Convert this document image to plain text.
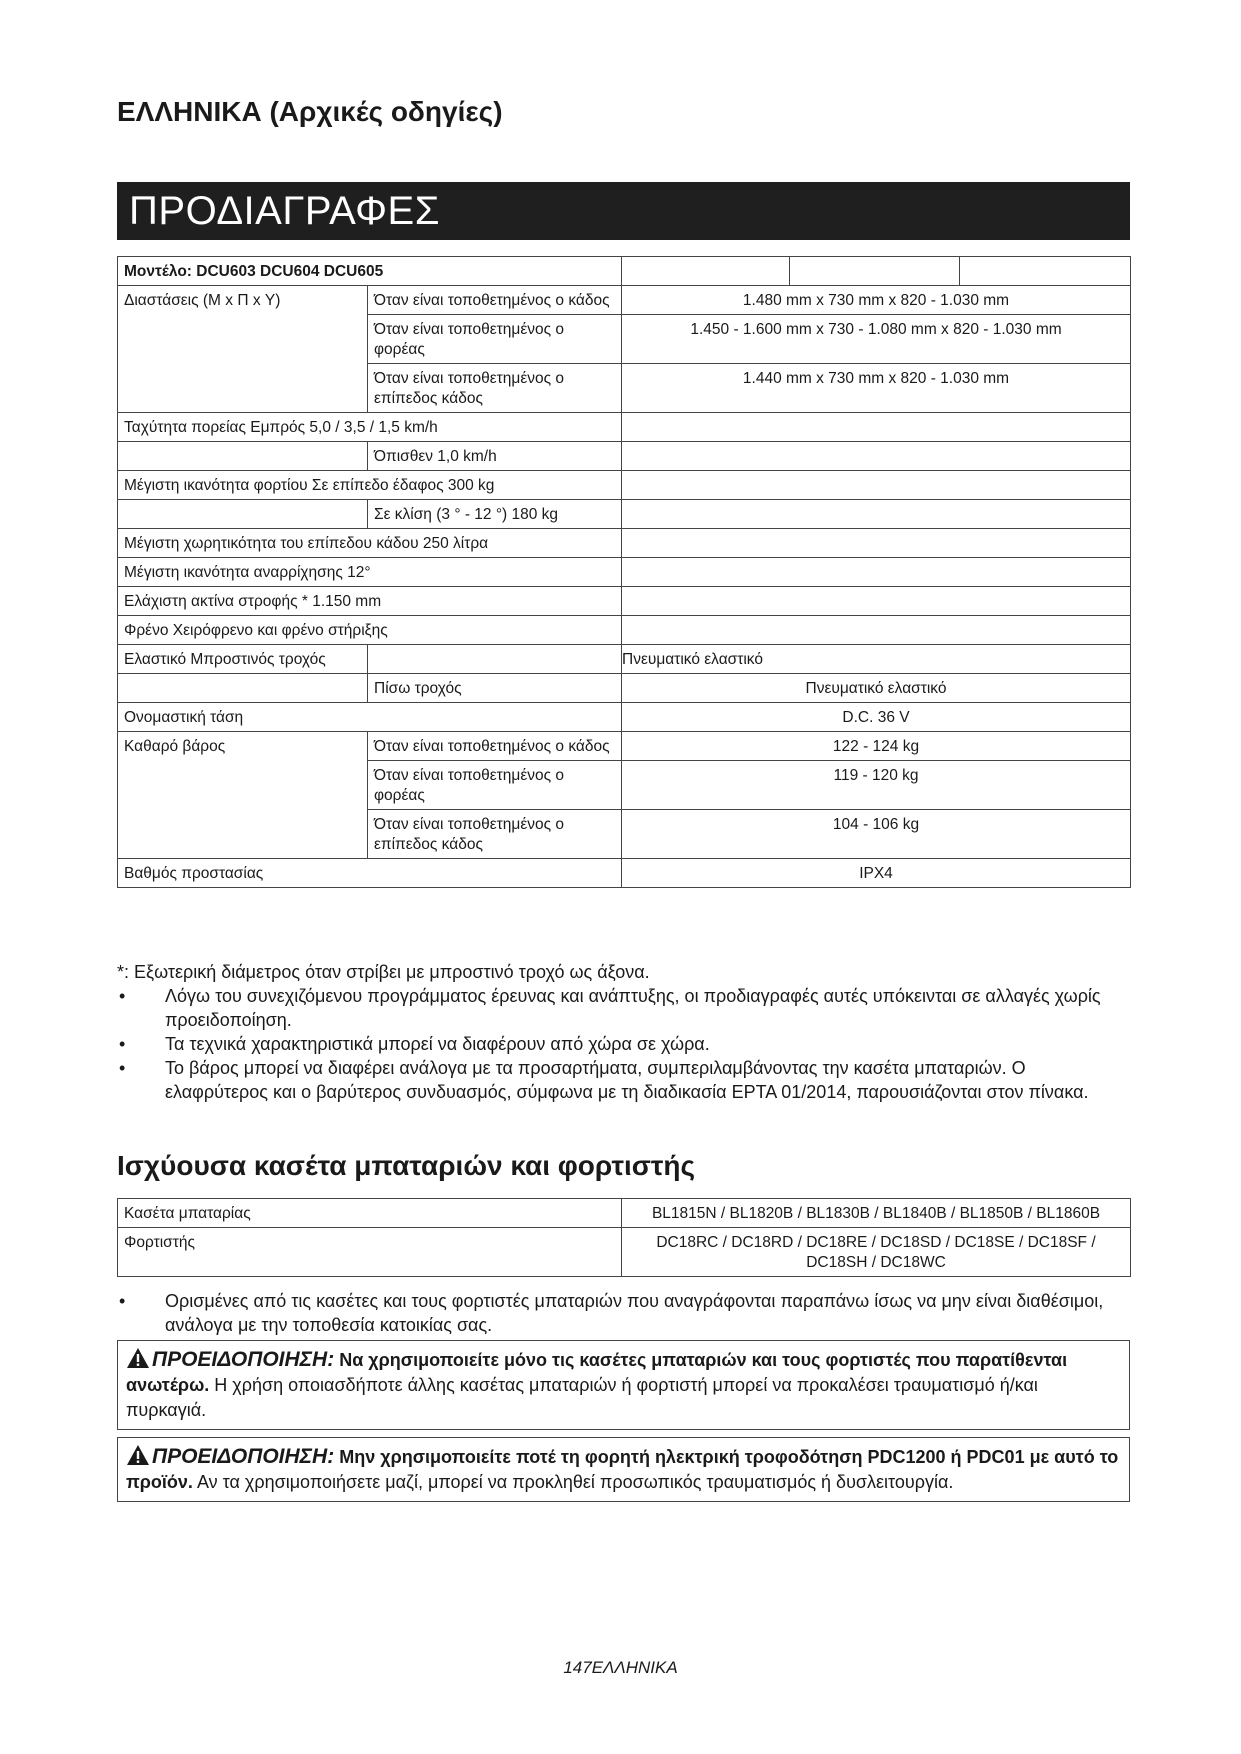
ΕΛΛΗΝΙΚΑ (Αρχικές οδηγίες)
ΠΡΟΔΙΑΓΡΑΦΕΣ
Μοντέλο: DCU603 DCU604 DCU605				
Διαστάσεις (Μ x Π x Υ)	Όταν είναι τοποθετημένος ο κάδος	1.480 mm x 730 mm x 820 - 1.030 mm		
	Όταν είναι τοποθετημένος ο φορέας	1.450 - 1.600 mm x 730 - 1.080 mm x 820 - 1.030 mm		
	Όταν είναι τοποθετημένος ο επίπεδος κάδος	1.440 mm x 730 mm x 820 - 1.030 mm		
Ταχύτητα πορείας Εμπρός 5,0 / 3,5 / 1,5 km/h				
	Όπισθεν 1,0 km/h			
Μέγιστη ικανότητα φορτίου Σε επίπεδο έδαφος 300 kg				
	Σε κλίση (3 ° - 12 °) 180 kg			
Μέγιστη χωρητικότητα του επίπεδου κάδου 250 λίτρα				
Μέγιστη ικανότητα αναρρίχησης 12°				
Ελάχιστη ακτίνα στροφής * 1.150 mm				
Φρένο Χειρόφρενο και φρένο στήριξης				
Ελαστικό Μπροστινός τροχός		Πνευματικό ελαστικό		
	Πίσω τροχός	Πνευματικό ελαστικό		
Ονομαστική τάση		D.C. 36 V		
Καθαρό βάρος	Όταν είναι τοποθετημένος ο κάδος	122 - 124 kg		
	Όταν είναι τοποθετημένος ο φορέας	119 - 120 kg		
	Όταν είναι τοποθετημένος ο επίπεδος κάδος	104 - 106 kg		
Βαθμός προστασίας		IPX4		
*: Εξωτερική διάμετρος όταν στρίβει με μπροστινό τροχό ως άξονα.
•	Λόγω του συνεχιζόμενου προγράμματος έρευνας και ανάπτυξης, οι προδιαγραφές αυτές υπόκεινται σε αλλαγές χωρίς προειδοποίηση.
•	Τα τεχνικά χαρακτηριστικά μπορεί να διαφέρουν από χώρα σε χώρα.
•	Το βάρος μπορεί να διαφέρει ανάλογα με τα προσαρτήματα, συμπεριλαμβάνοντας την κασέτα μπαταριών. Ο ελαφρύτερος και ο βαρύτερος συνδυασμός, σύμφωνα με τη διαδικασία EPTA 01/2014, παρουσιάζονται στον πίνακα.
Ισχύουσα κασέτα μπαταριών και φορτιστής
Κασέτα μπαταρίας	BL1815N / BL1820B / BL1830B / BL1840B / BL1850B / BL1860B
Φορτιστής	DC18RC / DC18RD / DC18RE / DC18SD / DC18SE / DC18SF / DC18SH / DC18WC
•	Ορισμένες από τις κασέτες και τους φορτιστές μπαταριών που αναγράφονται παραπάνω ίσως να μην είναι διαθέσιμοι, ανάλογα με την τοποθεσία κατοικίας σας.
ΠΡΟΕΙΔΟΠΟΙΗΣΗ: Να χρησιμοποιείτε μόνο τις κασέτες μπαταριών και τους φορτιστές που παρατίθενται ανωτέρω. Η χρήση οποιασδήποτε άλλης κασέτας μπαταριών ή φορτιστή μπορεί να προκαλέσει τραυματισμό ή/και πυρκαγιά.
ΠΡΟΕΙΔΟΠΟΙΗΣΗ: Μην χρησιμοποιείτε ποτέ τη φορητή ηλεκτρική τροφοδότηση PDC1200 ή PDC01 με αυτό το προϊόν. Αν τα χρησιμοποιήσετε μαζί, μπορεί να προκληθεί προσωπικός τραυματισμός ή δυσλειτουργία.
147ΕΛΛΗΝΙΚΑ
